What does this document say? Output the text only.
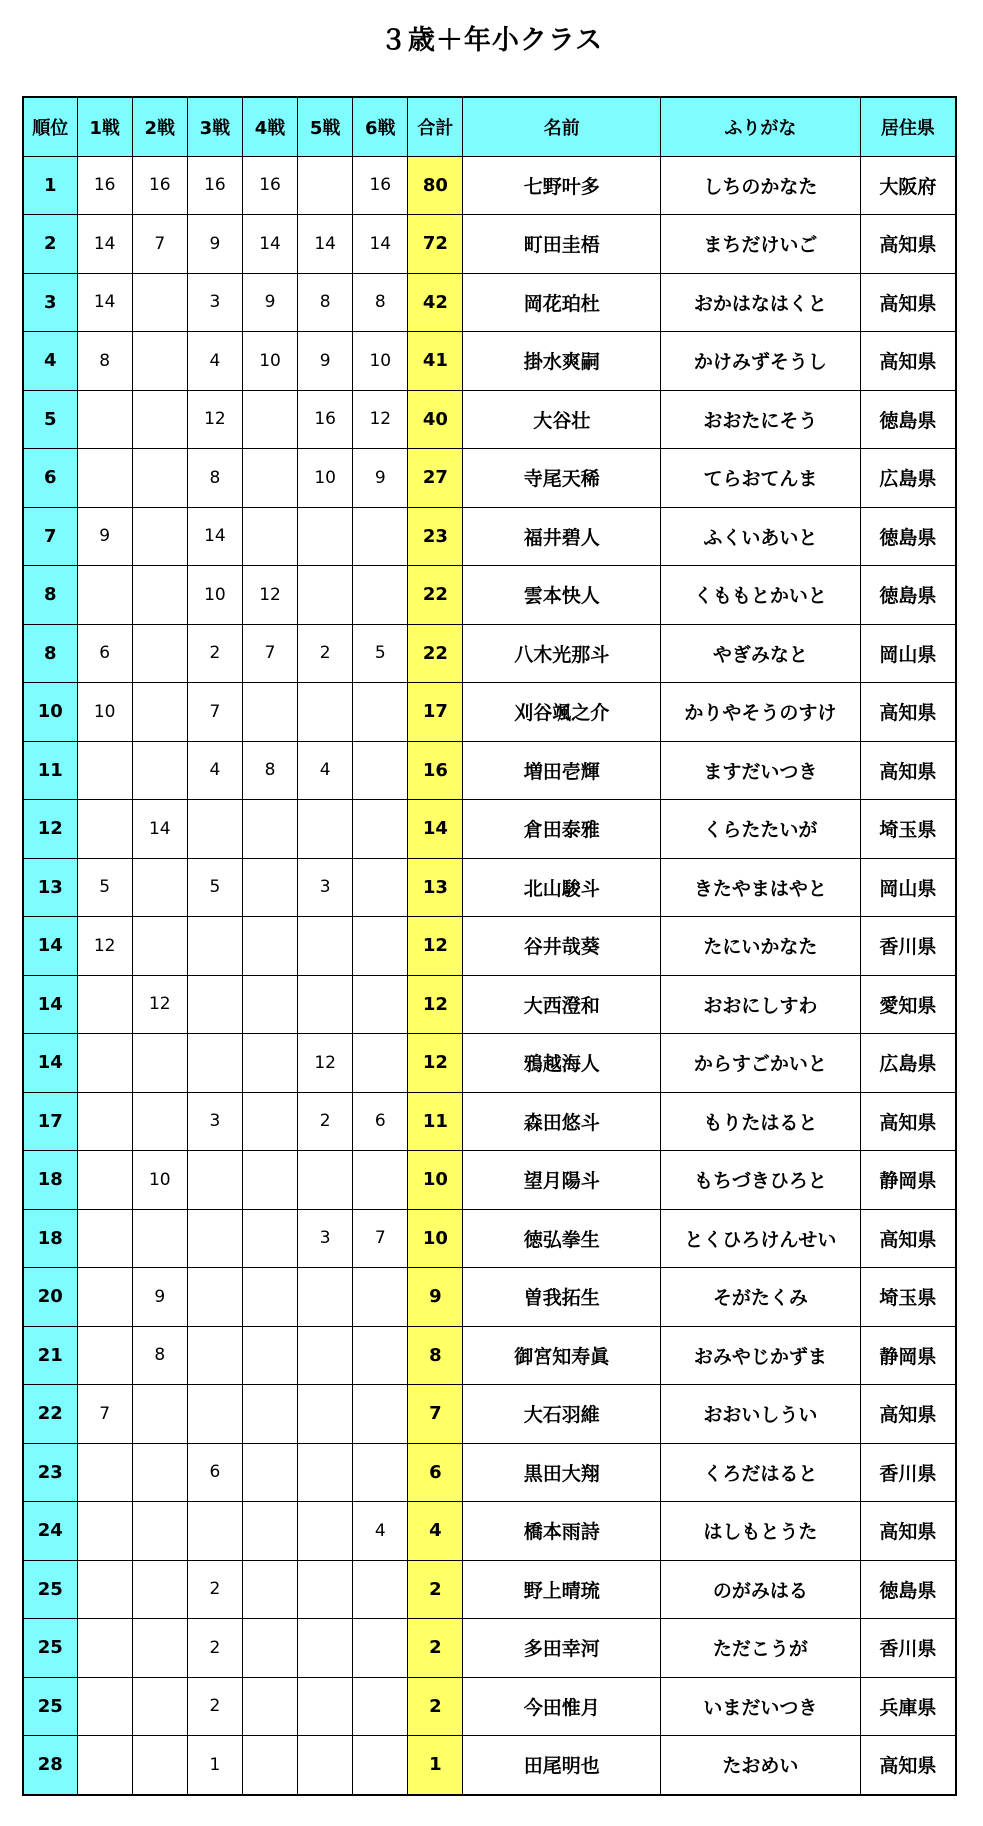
３歳＋年小クラス
順位	1戦	2戦	3戦	4戦	5戦	6戦	合計	名前	ふりがな	居住県
1	16	16	16	16		16	80	七野叶多	しちのかなた	大阪府
2	14	7	9	14	14	14	72	町田圭梧	まちだけいご	高知県
3	14		3	9	8	8	42	岡花珀杜	おかはなはくと	高知県
4	8		4	10	9	10	41	掛水爽嗣	かけみずそうし	高知県
5			12		16	12	40	大谷壮	おおたにそう	徳島県
6			8		10	9	27	寺尾天稀	てらおてんま	広島県
7	9		14				23	福井碧人	ふくいあいと	徳島県
8			10	12			22	雲本快人	くももとかいと	徳島県
8	6		2	7	2	5	22	八木光那斗	やぎみなと	岡山県
10	10		7				17	刈谷颯之介	かりやそうのすけ	高知県
11			4	8	4		16	増田壱輝	ますだいつき	高知県
12		14					14	倉田泰雅	くらたたいが	埼玉県
13	5		5		3		13	北山駿斗	きたやまはやと	岡山県
14	12						12	谷井哉葵	たにいかなた	香川県
14		12					12	大西澄和	おおにしすわ	愛知県
14					12		12	鴉越海人	からすごかいと	広島県
17			3		2	6	11	森田悠斗	もりたはると	高知県
18		10					10	望月陽斗	もちづきひろと	静岡県
18					3	7	10	徳弘拳生	とくひろけんせい	高知県
20		9					9	曽我拓生	そがたくみ	埼玉県
21		8					8	御宮知寿眞	おみやじかずま	静岡県
22	7						7	大石羽維	おおいしうい	高知県
23			6				6	黒田大翔	くろだはると	香川県
24						4	4	橋本雨詩	はしもとうた	高知県
25			2				2	野上晴琉	のがみはる	徳島県
25			2				2	多田幸河	ただこうが	香川県
25			2				2	今田惟月	いまだいつき	兵庫県
28			1				1	田尾明也	たおめい	高知県
